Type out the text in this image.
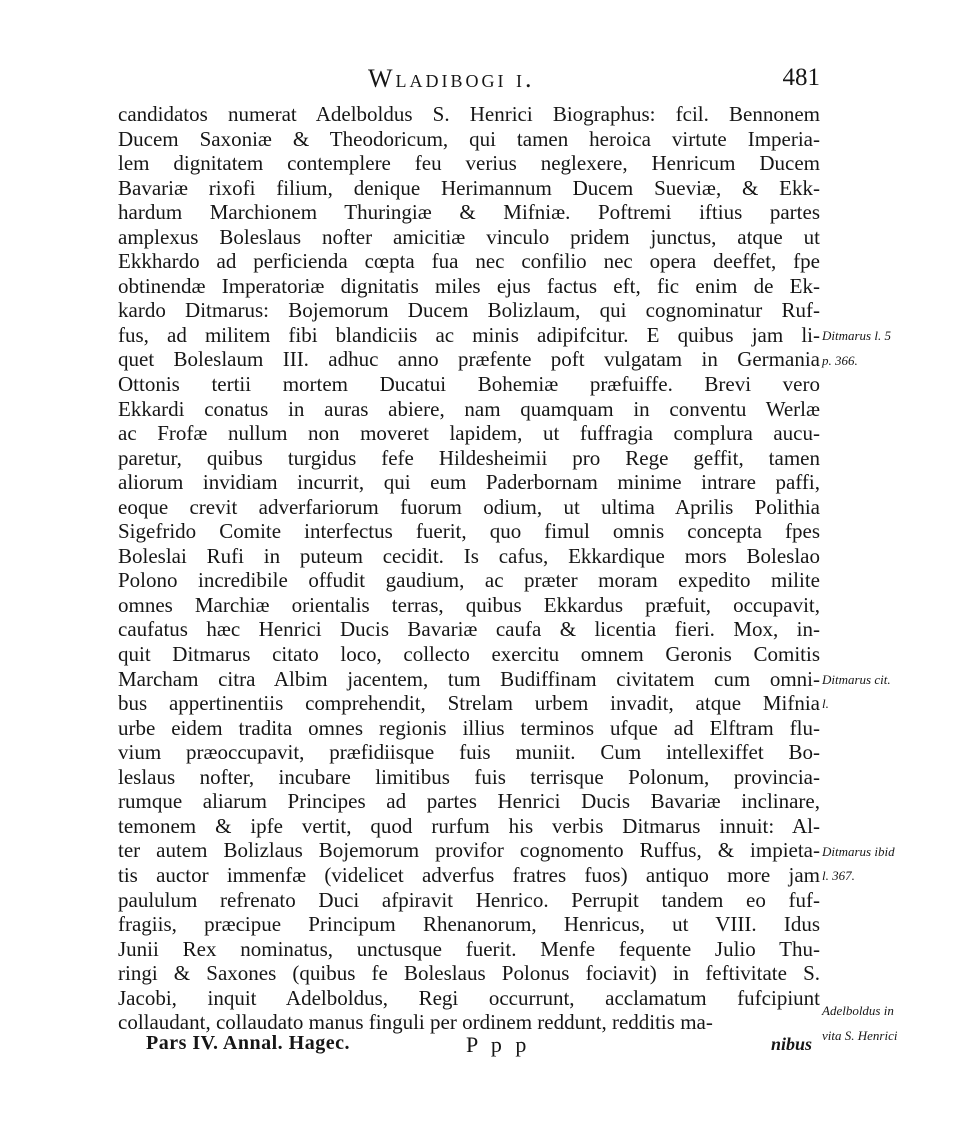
Wladibogi i.	481
candidatos numerat Adelboldus S. Henrici Biographus: fcil. Bennonem
Ducem Saxoniæ & Theodoricum, qui tamen heroica virtute Imperia-
lem dignitatem contemplere feu verius neglexere, Henricum Ducem
Bavariæ rixofi filium, denique Herimannum Ducem Sueviæ, & Ekk-
hardum Marchionem Thuringiæ & Mifniæ. Poftremi iftius partes
amplexus Boleslaus nofter amicitiæ vinculo pridem junctus, atque ut
Ekkhardo ad perficienda cœpta fua nec confilio nec opera deeffet, fpe
obtinendæ Imperatoriæ dignitatis miles ejus factus eft, fic enim de Ek-
kardo Ditmarus: Bojemorum Ducem Bolizlaum, qui cognominatur Ruf-
fus, ad militem fibi blandiciis ac minis adipifcitur. E quibus jam li-
quet Boleslaum III. adhuc anno præfente poft vulgatam in Germania
Ottonis tertii mortem Ducatui Bohemiæ præfuiffe. Brevi vero
Ekkardi conatus in auras abiere, nam quamquam in conventu Werlæ
ac Frofæ nullum non moveret lapidem, ut fuffragia complura aucu-
paretur, quibus turgidus fefe Hildesheimii pro Rege geffit, tamen
aliorum invidiam incurrit, qui eum Paderbornam minime intrare paffi,
eoque crevit adverfariorum fuorum odium, ut ultima Aprilis Polithia
Sigefrido Comite interfectus fuerit, quo fimul omnis concepta fpes
Boleslai Rufi in puteum cecidit. Is cafus, Ekkardique mors Boleslao
Polono incredibile offudit gaudium, ac præter moram expedito milite
omnes Marchiæ orientalis terras, quibus Ekkardus præfuit, occupavit,
caufatus hæc Henrici Ducis Bavariæ caufa & licentia fieri. Mox, in-
quit Ditmarus citato loco, collecto exercitu omnem Geronis Comitis
Marcham citra Albim jacentem, tum Budiffinam civitatem cum omni-
bus appertinentiis comprehendit, Strelam urbem invadit, atque Mifnia
urbe eidem tradita omnes regionis illius terminos ufque ad Elftram flu-
vium præoccupavit, præfidiisque fuis muniit. Cum intellexiffet Bo-
leslaus nofter, incubare limitibus fuis terrisque Polonum, provincia-
rumque aliarum Principes ad partes Henrici Ducis Bavariæ inclinare,
temonem & ipfe vertit, quod rurfum his verbis Ditmarus innuit: Al-
ter autem Bolizlaus Bojemorum provifor cognomento Ruffus, & impieta-
tis auctor immenfæ (videlicet adverfus fratres fuos) antiquo more jam
paululum refrenato Duci afpiravit Henrico. Perrupit tandem eo fuf-
fragiis, præcipue Principum Rhenanorum, Henricus, ut VIII. Idus
Junii Rex nominatus, unctusque fuerit. Menfe fequente Julio Thu-
ringi & Saxones (quibus fe Boleslaus Polonus fociavit) in feftivitate S.
Jacobi, inquit Adelboldus, Regi occurrunt, acclamatum fufcipiunt
collaudant, collaudato manus finguli per ordinem reddunt, redditis ma-
Ditmarus l. 5
p. 366.
Ditmarus cit.
l.
Ditmarus ibid
l. 367.
Adelboldus in
vita S. Henrici
Pars IV. Annal. Hagec.	P p p	nibus
